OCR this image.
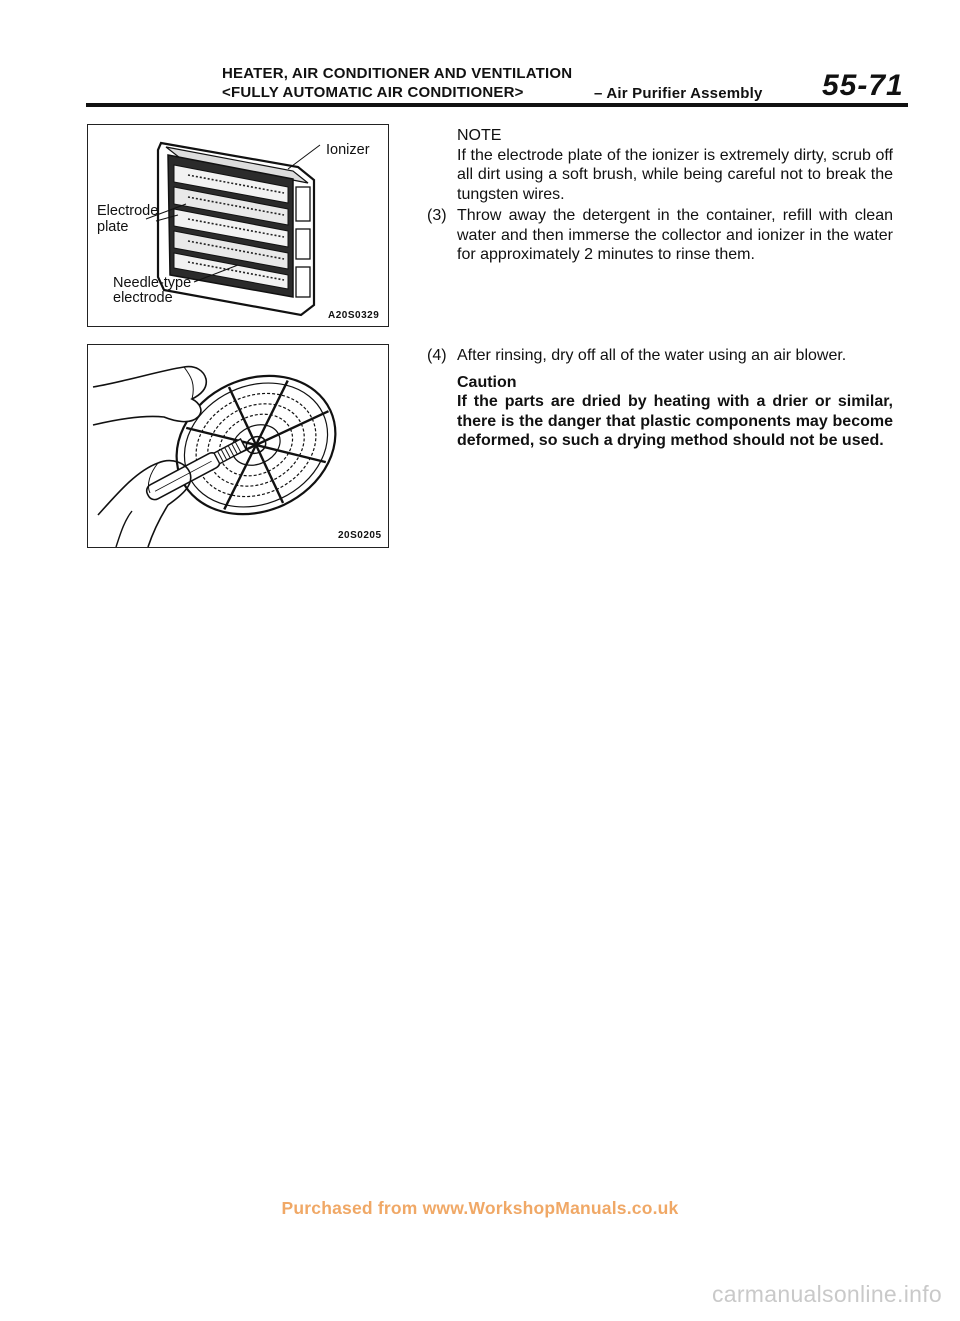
HEATER, AIR CONDITIONER AND VENTILATION
<FULLY AUTOMATIC AIR CONDITIONER>	– Air Purifier Assembly 55-71
Ionizer
Electrode
plate
Needle-type
electrode
A20S0329
20S0205
NOTE
If the electrode plate of the ionizer is extremely dirty, scrub off all dirt using a soft brush, while being careful not to break the tungsten wires.
(3) Throw away the detergent in the container, refill with clean water and then immerse the collector and ionizer in the water for approximately 2 minutes to rinse them.
(4) After rinsing, dry off all of the water using an air blower.
Caution
If the parts are dried by heating with a drier or similar, there is the danger that plastic components may become deformed, so such a drying method should not be used.
Purchased from www.WorkshopManuals.co.uk
carmanualsonline.info
